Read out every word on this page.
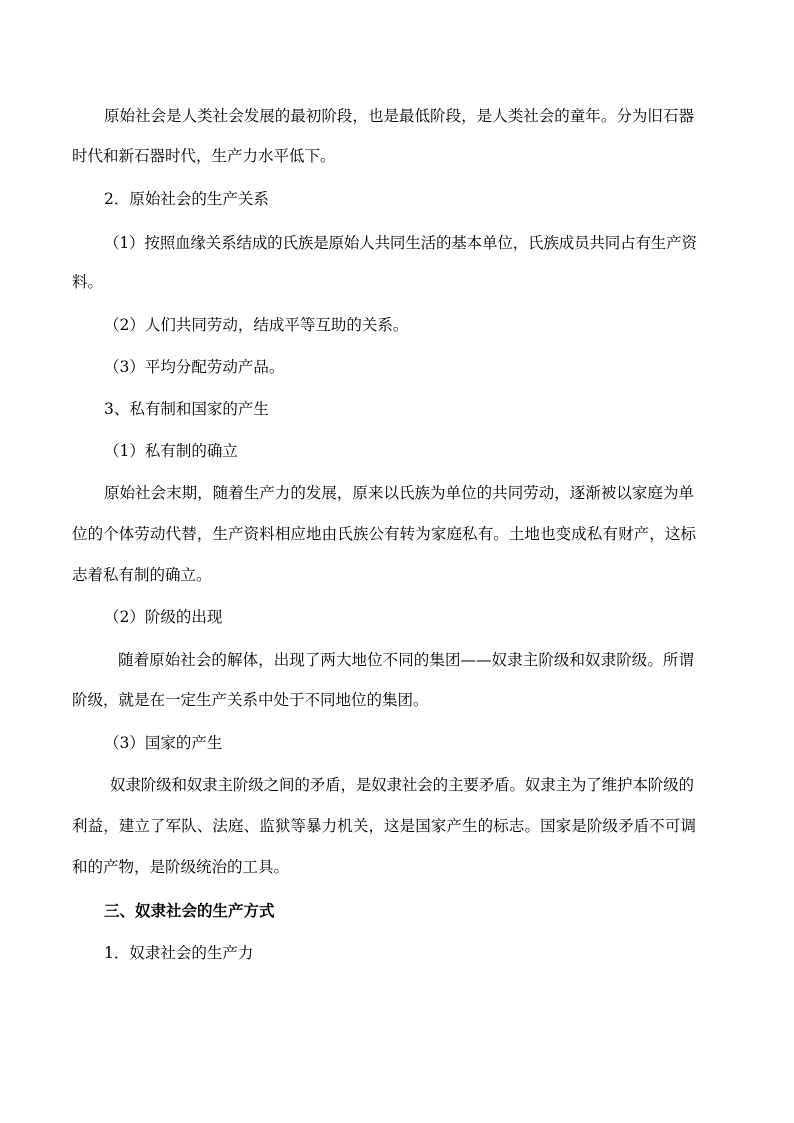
原始社会是人类社会发展的最初阶段，也是最低阶段，是人类社会的童年。分为旧石器
时代和新石器时代，生产力水平低下。
2．原始社会的生产关系
（1）按照血缘关系结成的氏族是原始人共同生活的基本单位，氏族成员共同占有生产资
料。
（2）人们共同劳动，结成平等互助的关系。
（3）平均分配劳动产品。
3、私有制和国家的产生
（1）私有制的确立
原始社会末期，随着生产力的发展，原来以氏族为单位的共同劳动，逐渐被以家庭为单
位的个体劳动代替，生产资料相应地由氏族公有转为家庭私有。土地也变成私有财产，这标
志着私有制的确立。
（2）阶级的出现
随着原始社会的解体，出现了两大地位不同的集团——奴隶主阶级和奴隶阶级。所谓
阶级，就是在一定生产关系中处于不同地位的集团。
（3）国家的产生
奴隶阶级和奴隶主阶级之间的矛盾，是奴隶社会的主要矛盾。奴隶主为了维护本阶级的
利益，建立了军队、法庭、监狱等暴力机关，这是国家产生的标志。国家是阶级矛盾不可调
和的产物，是阶级统治的工具。
三、奴隶社会的生产方式
1．奴隶社会的生产力
